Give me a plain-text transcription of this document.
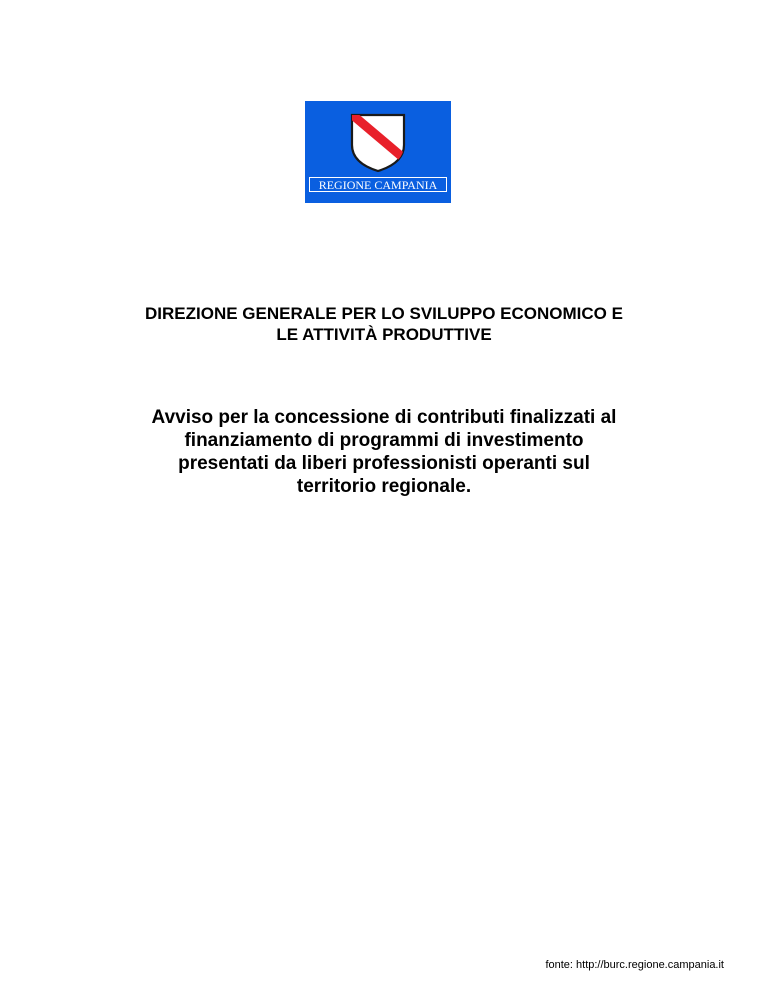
REGIONE CAMPANIA
DIREZIONE GENERALE PER LO SVILUPPO ECONOMICO E
LE ATTIVITÀ PRODUTTIVE
Avviso per la concessione di contributi finalizzati al
finanziamento di programmi di investimento
presentati da liberi professionisti operanti sul
territorio regionale.

fonte: http://burc.regione.campania.it
